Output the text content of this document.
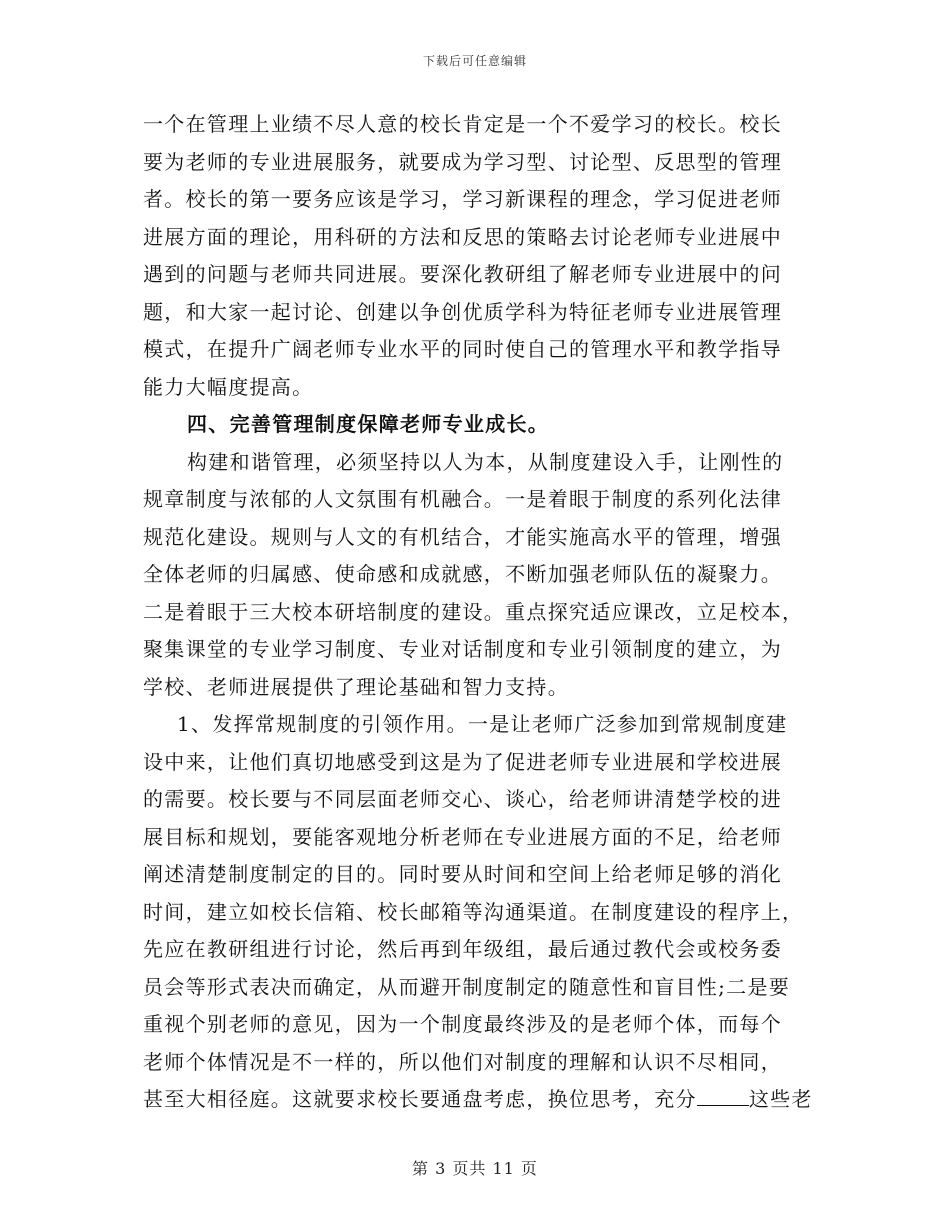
下载后可任意编辑

一个在管理上业绩不尽人意的校长肯定是一个不爱学习的校长。校长
要为老师的专业进展服务，就要成为学习型、讨论型、反思型的管理
者。校长的第一要务应该是学习，学习新课程的理念，学习促进老师
进展方面的理论，用科研的方法和反思的策略去讨论老师专业进展中
遇到的问题与老师共同进展。要深化教研组了解老师专业进展中的问
题，和大家一起讨论、创建以争创优质学科为特征老师专业进展管理
模式，在提升广阔老师专业水平的同时使自己的管理水平和教学指导
能力大幅度提高。

四、完善管理制度保障老师专业成长。

构建和谐管理，必须坚持以人为本，从制度建设入手，让刚性的
规章制度与浓郁的人文氛围有机融合。一是着眼于制度的系列化法律
规范化建设。规则与人文的有机结合，才能实施高水平的管理，增强
全体老师的归属感、使命感和成就感，不断加强老师队伍的凝聚力。
二是着眼于三大校本研培制度的建设。重点探究适应课改，立足校本，
聚集课堂的专业学习制度、专业对话制度和专业引领制度的建立，为
学校、老师进展提供了理论基础和智力支持。

1、发挥常规制度的引领作用。一是让老师广泛参加到常规制度建
设中来，让他们真切地感受到这是为了促进老师专业进展和学校进展
的需要。校长要与不同层面老师交心、谈心，给老师讲清楚学校的进
展目标和规划，要能客观地分析老师在专业进展方面的不足，给老师
阐述清楚制度制定的目的。同时要从时间和空间上给老师足够的消化
时间，建立如校长信箱、校长邮箱等沟通渠道。在制度建设的程序上，
先应在教研组进行讨论，然后再到年级组，最后通过教代会或校务委
员会等形式表决而确定，从而避开制度制定的随意性和盲目性;二是要
重视个别老师的意见，因为一个制度最终涉及的是老师个体，而每个
老师个体情况是不一样的，所以他们对制度的理解和认识不尽相同，
甚至大相径庭。这就要求校长要通盘考虑，换位思考，充分	这些老

第 3 页共 11 页
